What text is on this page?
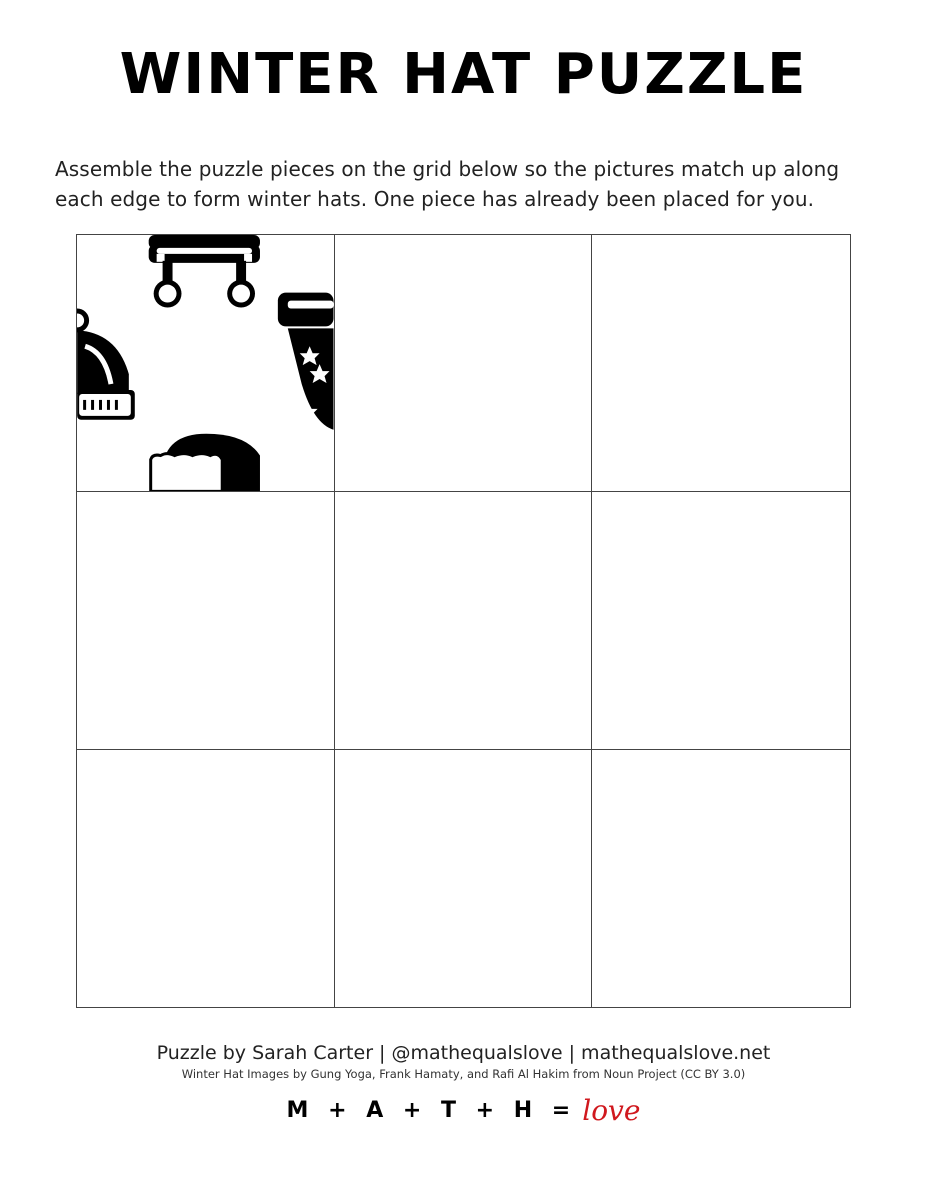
WINTER HAT PUZZLE
Assemble the puzzle pieces on the grid below so the pictures match up along
each edge to form winter hats. One piece has already been placed for you.
Puzzle by Sarah Carter | @mathequalslove | mathequalslove.net
Winter Hat Images by Gung Yoga, Frank Hamaty, and Rafi Al Hakim from Noun Project (CC BY 3.0)
M + A + T + H = love
